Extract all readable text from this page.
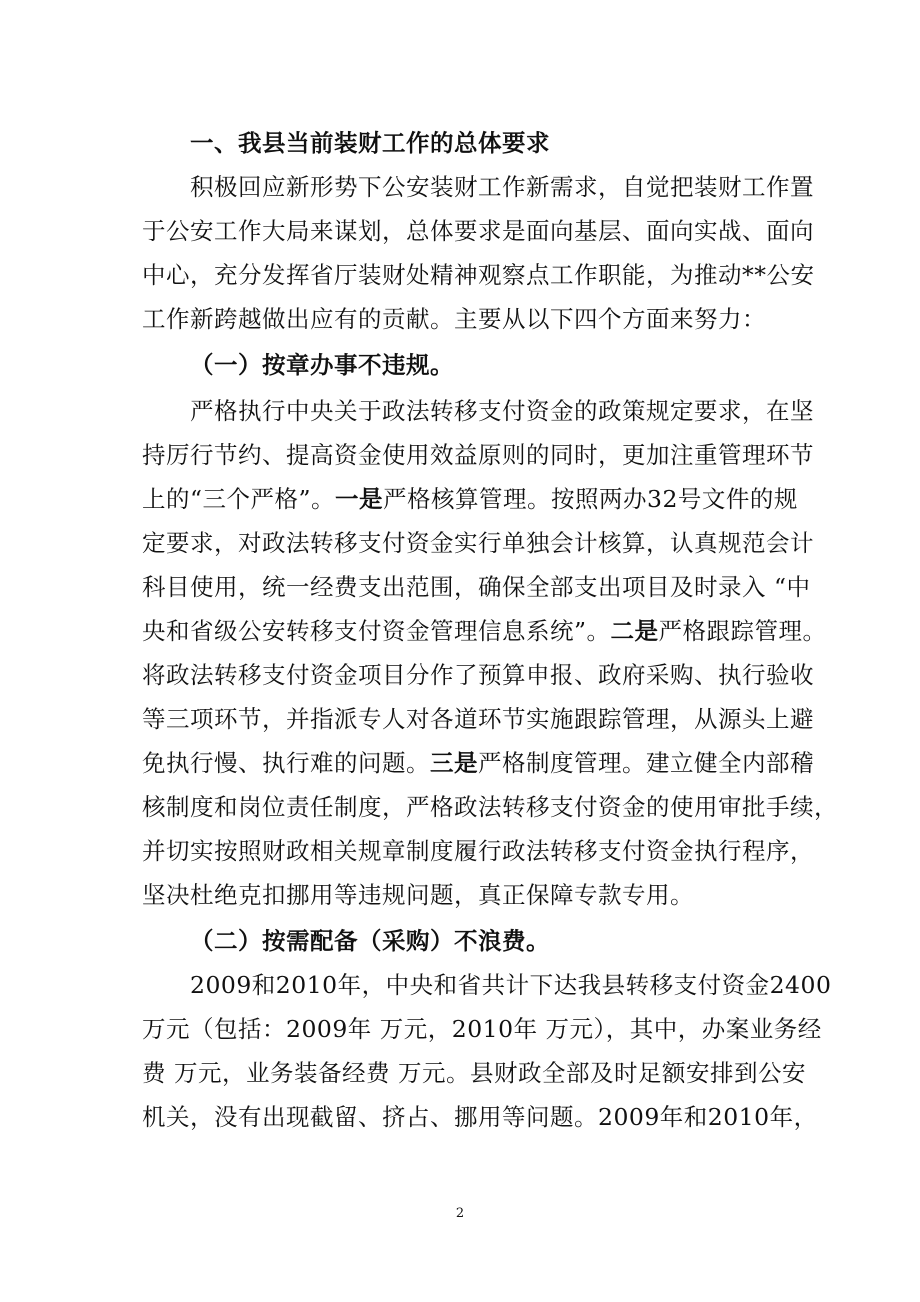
一、我县当前装财工作的总体要求
积极回应新形势下公安装财工作新需求，自觉把装财工作置
于公安工作大局来谋划，总体要求是面向基层、面向实战、面向
中心，充分发挥省厅装财处精神观察点工作职能，为推动**公安
工作新跨越做出应有的贡献。主要从以下四个方面来努力：
（一）按章办事不违规。
严格执行中央关于政法转移支付资金的政策规定要求，在坚
持厉行节约、提高资金使用效益原则的同时，更加注重管理环节
上的“三个严格”。一是严格核算管理。按照两办32号文件的规
定要求，对政法转移支付资金实行单独会计核算，认真规范会计
科目使用，统一经费支出范围，确保全部支出项目及时录入 “中
央和省级公安转移支付资金管理信息系统”。二是严格跟踪管理。
将政法转移支付资金项目分作了预算申报、政府采购、执行验收
等三项环节，并指派专人对各道环节实施跟踪管理，从源头上避
免执行慢、执行难的问题。三是严格制度管理。建立健全内部稽
核制度和岗位责任制度，严格政法转移支付资金的使用审批手续，
并切实按照财政相关规章制度履行政法转移支付资金执行程序，
坚决杜绝克扣挪用等违规问题，真正保障专款专用。
（二）按需配备（采购）不浪费。
2009和2010年，中央和省共计下达我县转移支付资金2400
万元（包括：2009年 万元，2010年 万元），其中，办案业务经
费 万元，业务装备经费 万元。县财政全部及时足额安排到公安
机关，没有出现截留、挤占、挪用等问题。2009年和2010年，
2
